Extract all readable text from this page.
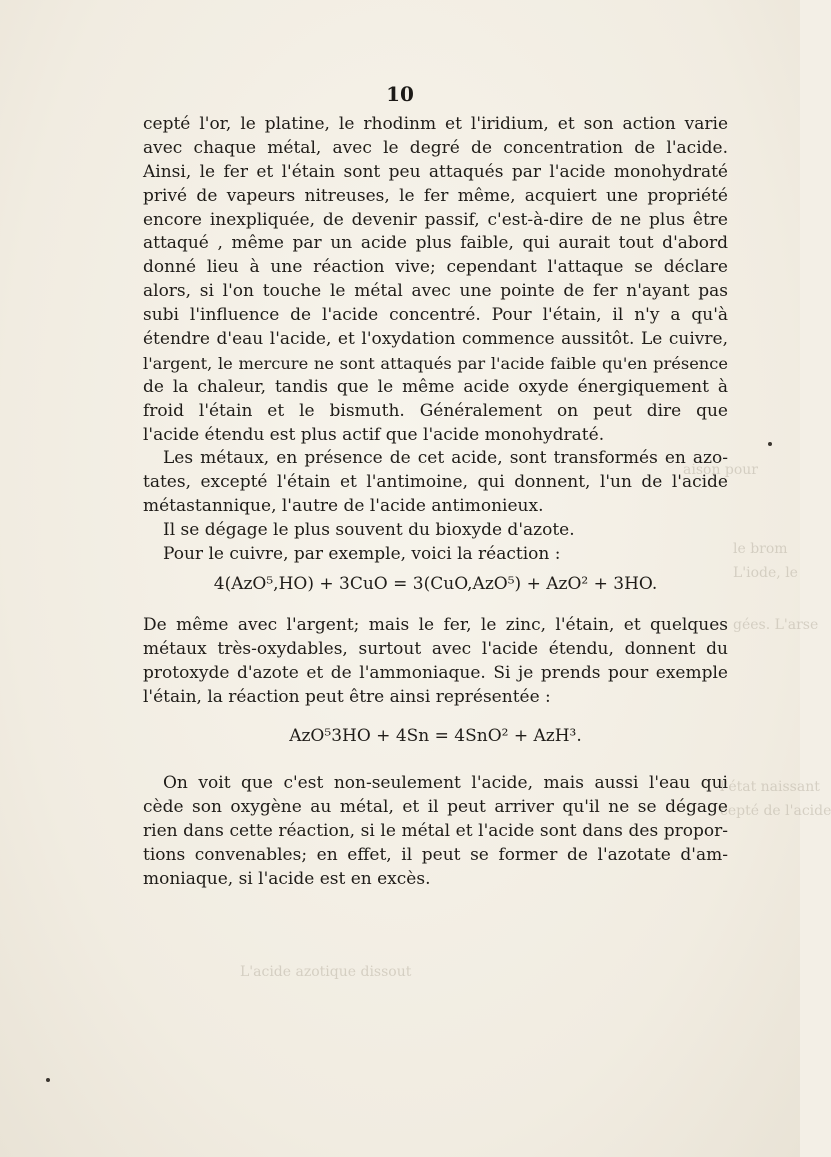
10
aison pour
le brom
L'iode, le
gées. L'arse
l'état naissant
cepté de l'acide
L'acide azotique dissout
cepté l'or, le platine, le rhodinm et l'iridium, et son action varie
avec chaque métal, avec le degré de concentration de l'acide.
Ainsi, le fer et l'étain sont peu attaqués par l'acide monohydraté
privé de vapeurs nitreuses, le fer même, acquiert une propriété
encore inexpliquée, de devenir passif, c'est-à-dire de ne plus être
attaqué , même par un acide plus faible, qui aurait tout d'abord
donné lieu à une réaction vive; cependant l'attaque se déclare
alors, si l'on touche le métal avec une pointe de fer n'ayant pas
subi l'influence de l'acide concentré. Pour l'étain, il n'y a qu'à
étendre d'eau l'acide, et l'oxydation commence aussitôt. Le cuivre,
l'argent, le mercure ne sont attaqués par l'acide faible qu'en présence
de la chaleur, tandis que le même acide oxyde énergiquement à
froid l'étain et le bismuth. Généralement on peut dire que
l'acide étendu est plus actif que l'acide monohydraté.
Les métaux, en présence de cet acide, sont transformés en azo-
tates, excepté l'étain et l'antimoine, qui donnent, l'un de l'acide
métastannique, l'autre de l'acide antimonieux.
Il se dégage le plus souvent du bioxyde d'azote.
Pour le cuivre, par exemple, voici la réaction :
4(AzO⁵,HO) + 3CuO = 3(CuO,AzO⁵) + AzO² + 3HO.
De même avec l'argent; mais le fer, le zinc, l'étain, et quelques
métaux très-oxydables, surtout avec l'acide étendu, donnent du
protoxyde d'azote et de l'ammoniaque. Si je prends pour exemple
l'étain, la réaction peut être ainsi représentée :
AzO⁵3HO + 4Sn = 4SnO² + AzH³.
On voit que c'est non-seulement l'acide, mais aussi l'eau qui
cède son oxygène au métal, et il peut arriver qu'il ne se dégage
rien dans cette réaction, si le métal et l'acide sont dans des propor-
tions convenables; en effet, il peut se former de l'azotate d'am-
moniaque, si l'acide est en excès.
